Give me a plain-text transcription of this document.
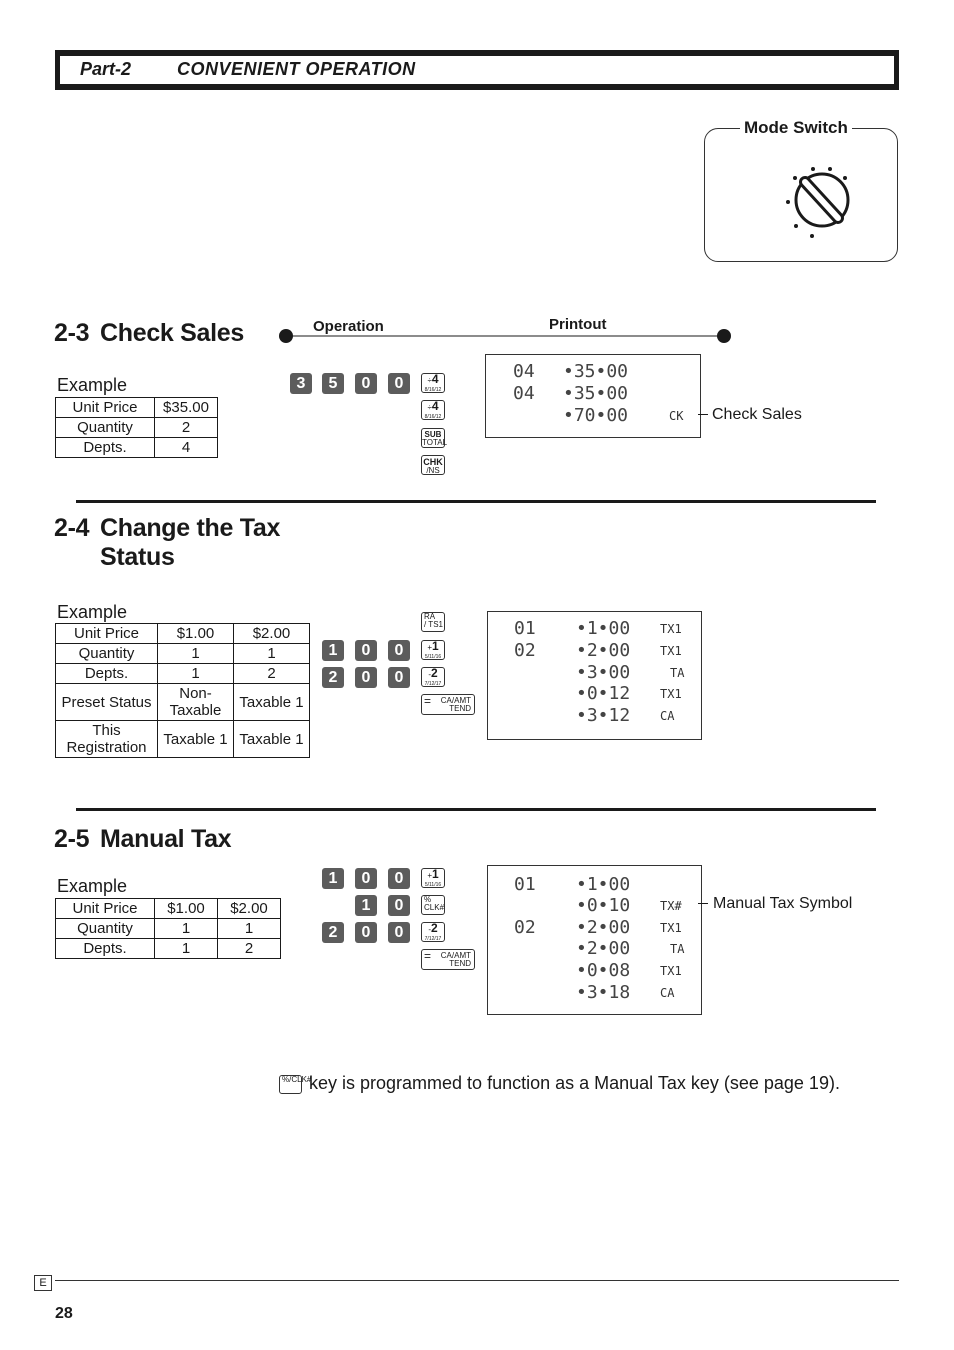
Part-2	CONVENIENT OPERATION
Mode Switch
2-3 Check Sales	Operation	Printout
Example
Unit Price	$35.00
Quantity	2
Depts.	4
3	5	0	0	÷4
8/16/12
÷4
8/16/12
SUB
TOTAL
CHK
/NS
04 •35•00
04 •35•00
•70•00	CK Check Sales
2-4 Change the Tax
Status
Example
Unit Price	$1.00	$2.00
Quantity	1	1
Depts.	1	2
Preset Status	Non-Taxable	Taxable 1
This Registration	Taxable 1	Taxable 1
RA
/ TS1
1	0	0	+1
5/11/16
2	0	0	-2
7/12/17
= CA/AMT TEND
01 •1•00 TX1
02 •2•00 TX1
•3•00	TA
•0•12 TX1
•3•12 CA
2-5 Manual Tax
Example
Unit Price	$1.00	$2.00
Quantity	1	1
Depts.	1	2
1	0	0	+1
5/11/16
1	0	%
CLK#
2	0	0	-2
7/12/17
= CA/AMT TEND
01 •1•00
•0•10 TX#
02 •2•00 TX1
•2•00	TA
•0•08 TX1
•3•18 CA
Manual Tax Symbol
%/CLK#
key is programmed to function as a Manual Tax key (see page 19).
E
28
